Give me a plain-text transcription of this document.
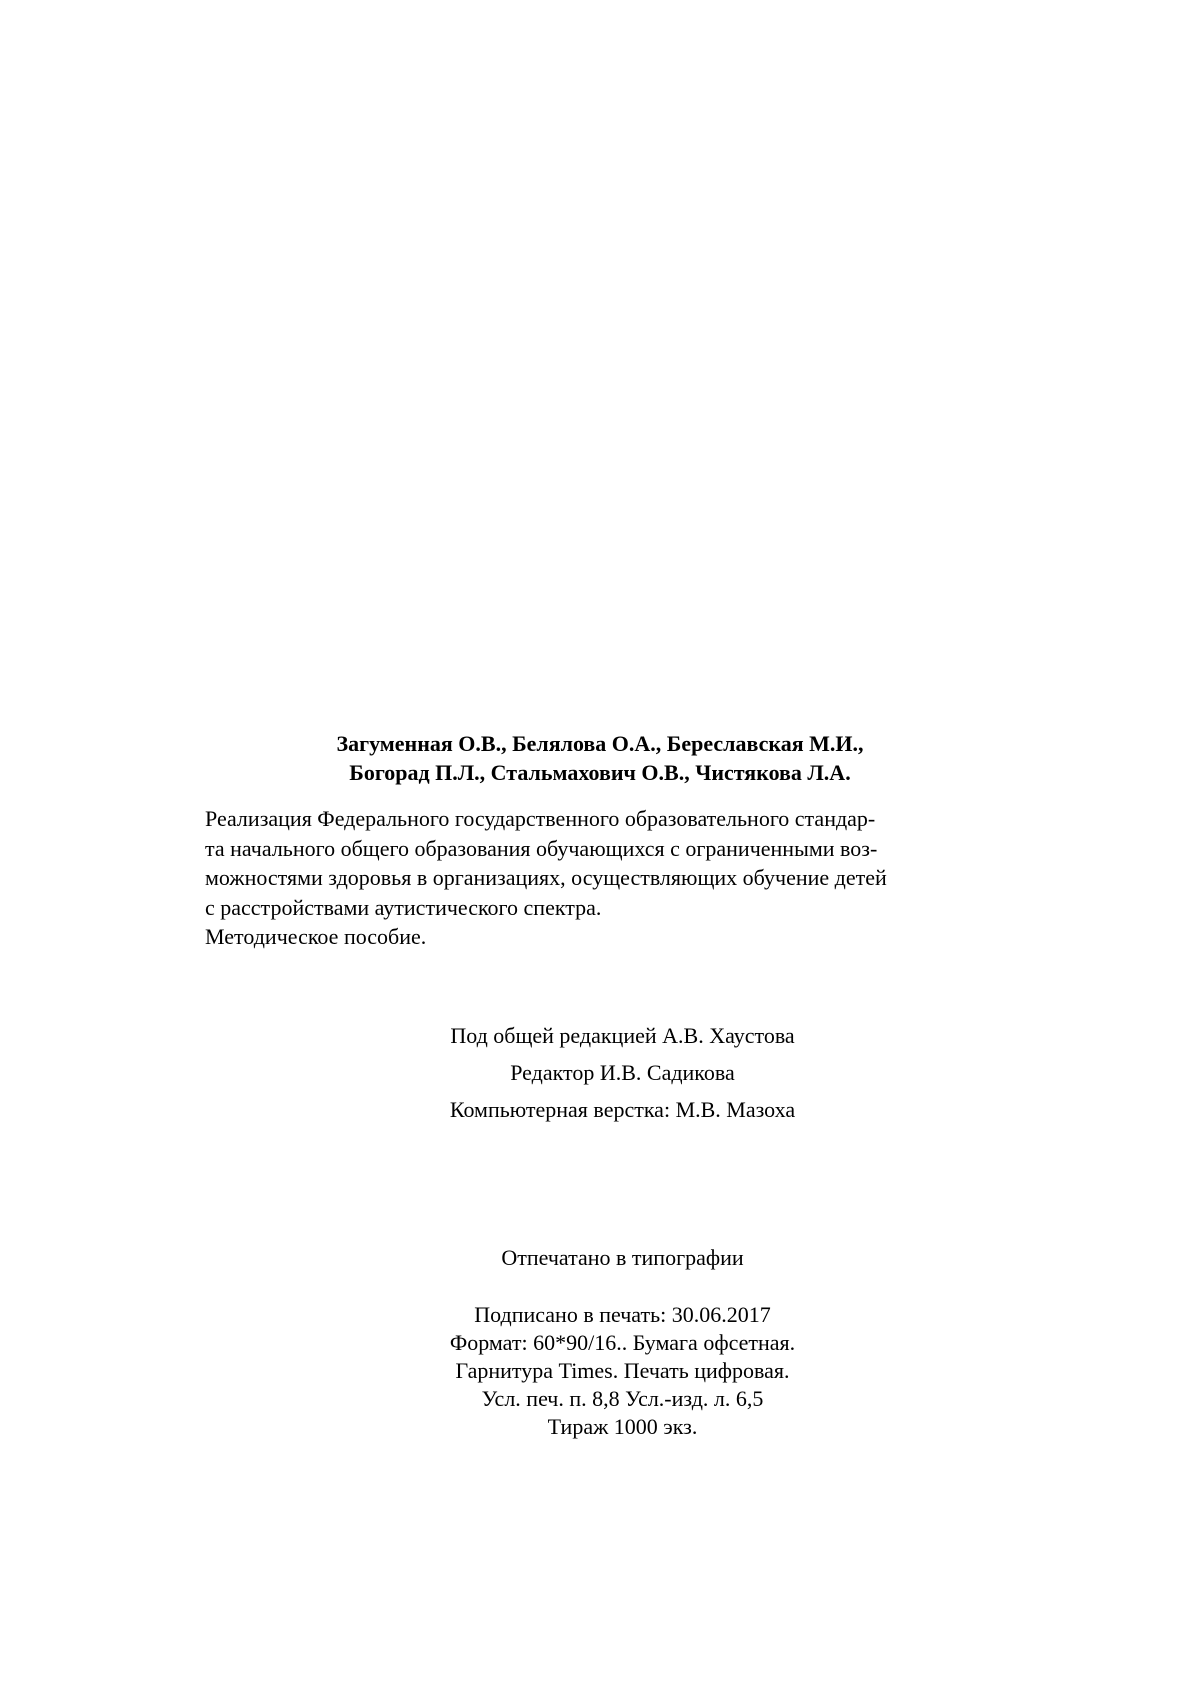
Загуменная О.В., Белялова О.А., Береславская М.И.,
Богорад П.Л., Стальмахович О.В., Чистякова Л.А.
Реализация Федерального государственного образовательного стандар-
та начального общего образования обучающихся с ограниченными воз-
можностями здоровья в организациях, осуществляющих обучение детей
с расстройствами аутистического спектра.
Методическое пособие.
Под общей редакцией А.В. Хаустова
Редактор И.В. Садикова
Компьютерная верстка: М.В. Мазоха
Отпечатано в типографии
Подписано в печать: 30.06.2017
Формат: 60*90/16.. Бумага офсетная.
Гарнитура Times. Печать цифровая.
Усл. печ. п. 8,8 Усл.-изд. л. 6,5
Тираж 1000 экз.
